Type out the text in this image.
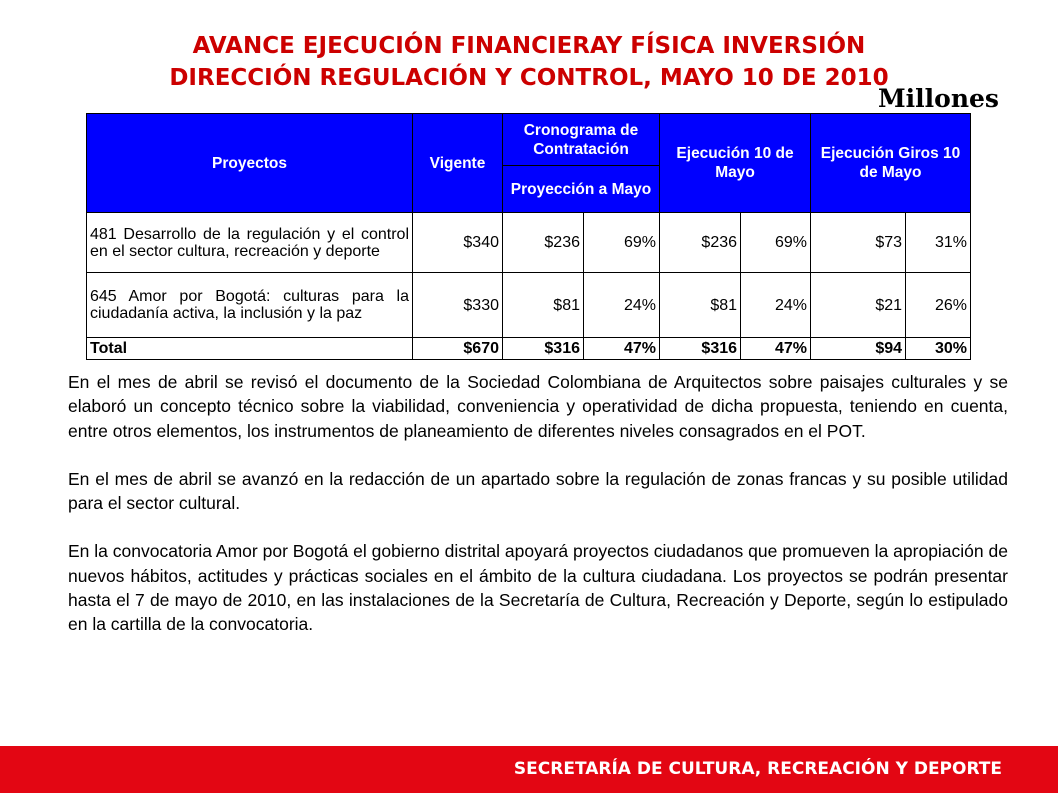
AVANCE EJECUCIÓN FINANCIERAY FÍSICA INVERSIÓN
DIRECCIÓN REGULACIÓN Y CONTROL, MAYO 10 DE 2010
Millones
Proyectos	Vigente	Cronograma de Contratación		Ejecución 10 de Mayo		Ejecución Giros 10 de Mayo	
		Proyección a Mayo					
481 Desarrollo de la regulación y el control en el sector cultura, recreación y deporte	$340	$236	69%	$236	69%	$73	31%
645 Amor por Bogotá: culturas para la ciudadanía activa, la inclusión y la paz	$330	$81	24%	$81	24%	$21	26%
Total	$670	$316	47%	$316	47%	$94	30%

En el mes de abril se revisó el documento de la Sociedad Colombiana de Arquitectos sobre paisajes culturales y se elaboró un concepto técnico sobre la viabilidad, conveniencia y operatividad de dicha propuesta, teniendo en cuenta, entre otros elementos, los instrumentos de planeamiento de diferentes niveles consagrados en el POT.

En el mes de abril se avanzó en la redacción de un apartado sobre la regulación de zonas francas y su posible utilidad para el sector cultural.

En la convocatoria Amor por Bogotá el gobierno distrital apoyará proyectos ciudadanos que promueven la apropiación de nuevos hábitos, actitudes y prácticas sociales en el ámbito de la cultura ciudadana. Los proyectos se podrán presentar hasta el 7 de mayo de 2010, en las instalaciones de la Secretaría de Cultura, Recreación y Deporte, según lo estipulado en la cartilla de la convocatoria.

SECRETARÍA DE CULTURA, RECREACIÓN Y DEPORTE
